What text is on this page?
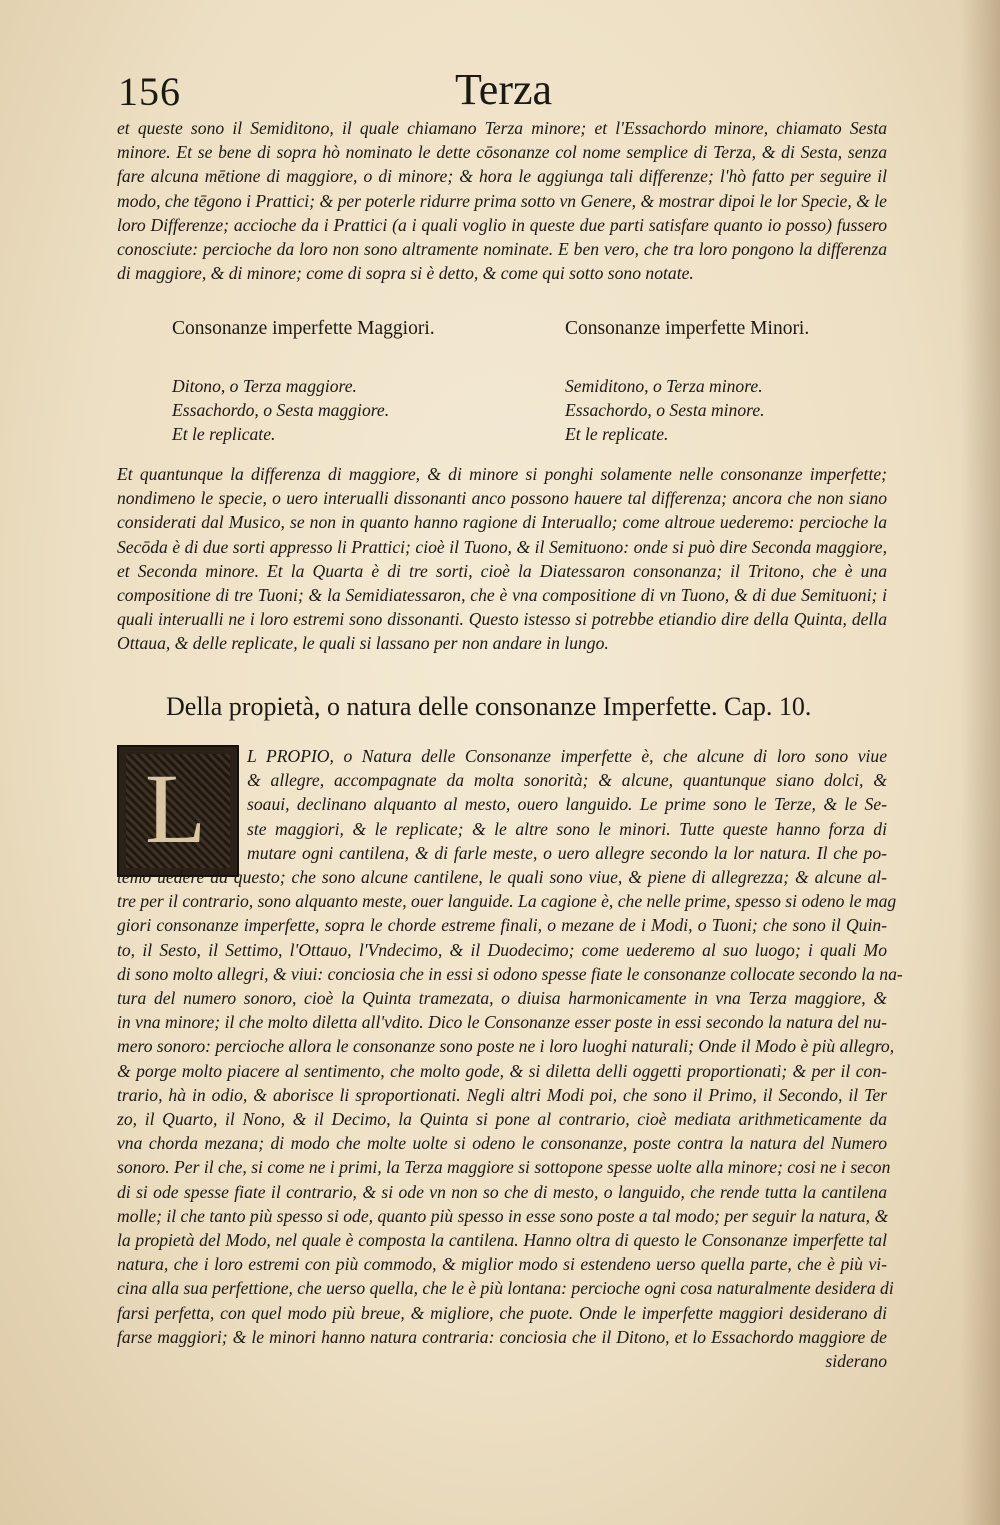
156	Terza

et queste sono il Semiditono, il quale chiamano Terza minore; et l'Essachordo minore, chiamato Sesta minore. Et se bene di sopra hò nominato le dette cōsonanze col nome semplice di Terza, & di Sesta, senza fare alcuna mētione di maggiore, o di minore; & hora le aggiunga tali differenze; l'hò fatto per seguire il modo, che tēgono i Prattici; & per poterle ridurre prima sotto vn Genere, & mostrar dipoi le lor Specie, & le loro Differenze; accioche da i Prattici (a i quali voglio in queste due parti satisfare quanto io posso) fussero conosciute: percioche da loro non sono altramente nominate. E ben vero, che tra loro pongono la differenza di maggiore, & di minore; come di sopra si è detto, & come qui sotto sono notate.

Consonanze imperfette Maggiori.
Ditono, o Terza maggiore.
Essachordo, o Sesta maggiore.
Et le replicate.
Consonanze imperfette Minori.
Semiditono, o Terza minore.
Essachordo, o Sesta minore.
Et le replicate.

Et quantunque la differenza di maggiore, & di minore si ponghi solamente nelle consonanze imperfette; nondimeno le specie, o uero interualli dissonanti anco possono hauere tal differenza; ancora che non siano considerati dal Musico, se non in quanto hanno ragione di Interuallo; come altroue uederemo: percioche la Secōda è di due sorti appresso li Prattici; cioè il Tuono, & il Semituono: onde si può dire Seconda maggiore, et Seconda minore. Et la Quarta è di tre sorti, cioè la Diatessaron consonanza; il Tritono, che è una compositione di tre Tuoni; & la Semidiatessaron, che è vna compositione di vn Tuono, & di due Semituoni; i quali interualli ne i loro estremi sono dissonanti. Questo istesso si potrebbe etiandio dire della Quinta, della Ottaua, & delle replicate, le quali si lassano per non andare in lungo.

Della propietà, o natura delle consonanze Imperfette. Cap. 10.
L	L PROPIO, o Natura delle Consonanze imperfette è, che alcune di loro sono viue
& allegre, accompagnate da molta sonorità; & alcune, quantunque siano dolci, &
soaui, declinano alquanto al mesto, ouero languido. Le prime sono le Terze, & le Se-
ste maggiori, & le replicate; & le altre sono le minori. Tutte queste hanno forza di
mutare ogni cantilena, & di farle meste, o uero allegre secondo la lor natura. Il che po-
temo uedere da questo; che sono alcune cantilene, le quali sono viue, & piene di allegrezza; & alcune al-
tre per il contrario, sono alquanto meste, ouer languide. La cagione è, che nelle prime, spesso si odeno le mag
giori consonanze imperfette, sopra le chorde estreme finali, o mezane de i Modi, o Tuoni; che sono il Quin-
to, il Sesto, il Settimo, l'Ottauo, l'Vndecimo, & il Duodecimo; come uederemo al suo luogo; i quali Mo
di sono molto allegri, & viui: conciosia che in essi si odono spesse fiate le consonanze collocate secondo la na-
tura del numero sonoro, cioè la Quinta tramezata, o diuisa harmonicamente in vna Terza maggiore, &
in vna minore; il che molto diletta all'vdito. Dico le Consonanze esser poste in essi secondo la natura del nu-
mero sonoro: percioche allora le consonanze sono poste ne i loro luoghi naturali; Onde il Modo è più allegro,
& porge molto piacere al sentimento, che molto gode, & si diletta delli oggetti proportionati; & per il con-
trario, hà in odio, & aborisce li sproportionati. Negli altri Modi poi, che sono il Primo, il Secondo, il Ter
zo, il Quarto, il Nono, & il Decimo, la Quinta si pone al contrario, cioè mediata arithmeticamente da
vna chorda mezana; di modo che molte uolte si odeno le consonanze, poste contra la natura del Numero
sonoro. Per il che, si come ne i primi, la Terza maggiore si sottopone spesse uolte alla minore; cosi ne i secon
di si ode spesse fiate il contrario, & si ode vn non so che di mesto, o languido, che rende tutta la cantilena
molle; il che tanto più spesso si ode, quanto più spesso in esse sono poste a tal modo; per seguir la natura, &
la propietà del Modo, nel quale è composta la cantilena. Hanno oltra di questo le Consonanze imperfette tal
natura, che i loro estremi con più commodo, & miglior modo si estendeno uerso quella parte, che è più vi-
cina alla sua perfettione, che uerso quella, che le è più lontana: percioche ogni cosa naturalmente desidera di
farsi perfetta, con quel modo più breue, & migliore, che puote. Onde le imperfette maggiori desiderano di
farse maggiori; & le minori hanno natura contraria: conciosia che il Ditono, et lo Essachordo maggiore de
siderano
